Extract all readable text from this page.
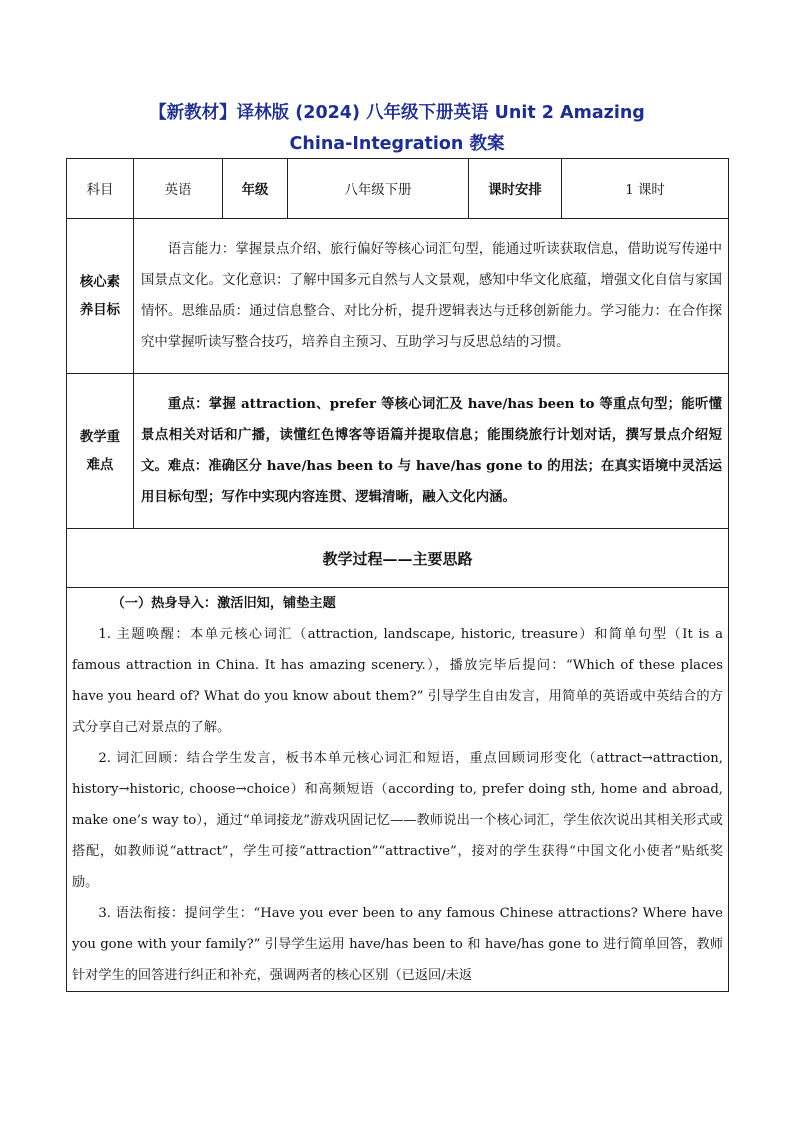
【新教材】译林版 (2024) 八年级下册英语 Unit 2 Amazing
China-Integration 教案
科目	英语	年级	八年级下册	课时安排	1 课时
核心素养目标	语言能力：掌握景点介绍、旅行偏好等核心词汇句型，能通过听读获取信息，借助说写传递中国景点文化。文化意识：了解中国多元自然与人文景观，感知中华文化底蕴，增强文化自信与家国情怀。思维品质：通过信息整合、对比分析，提升逻辑表达与迁移创新能力。学习能力：在合作探究中掌握听读写整合技巧，培养自主预习、互助学习与反思总结的习惯。				
教学重难点	重点：掌握 attraction、prefer 等核心词汇及 have/has been to 等重点句型；能听懂景点相关对话和广播，读懂红色博客等语篇并提取信息；能围绕旅行计划对话，撰写景点介绍短文。难点：准确区分 have/has been to 与 have/has gone to 的用法；在真实语境中灵活运用目标句型；写作中实现内容连贯、逻辑清晰，融入文化内涵。				
教学过程——主要思路					

（一）热身导入：激活旧知，铺垫主题

1. 主题唤醒：本单元核心词汇（attraction, landscape, historic, treasure）和简单句型（It is a famous attraction in China. It has amazing scenery.），播放完毕后提问：“Which of these places have you heard of? What do you know about them?” 引导学生自由发言，用简单的英语或中英结合的方式分享自己对景点的了解。

2. 词汇回顾：结合学生发言，板书本单元核心词汇和短语，重点回顾词形变化（attract→attraction, history→historic, choose→choice）和高频短语（according to, prefer doing sth, home and abroad, make one’s way to），通过“单词接龙”游戏巩固记忆——教师说出一个核心词汇，学生依次说出其相关形式或搭配，如教师说“attract”，学生可接“attraction”“attractive”，接对的学生获得“中国文化小使者”贴纸奖励。

3. 语法衔接：提问学生：“Have you ever been to any famous Chinese attractions? Where have you gone with your family?” 引导学生运用 have/has been to 和 have/has gone to 进行简单回答，教师针对学生的回答进行纠正和补充，强调两者的核心区别（已返回/未返					
